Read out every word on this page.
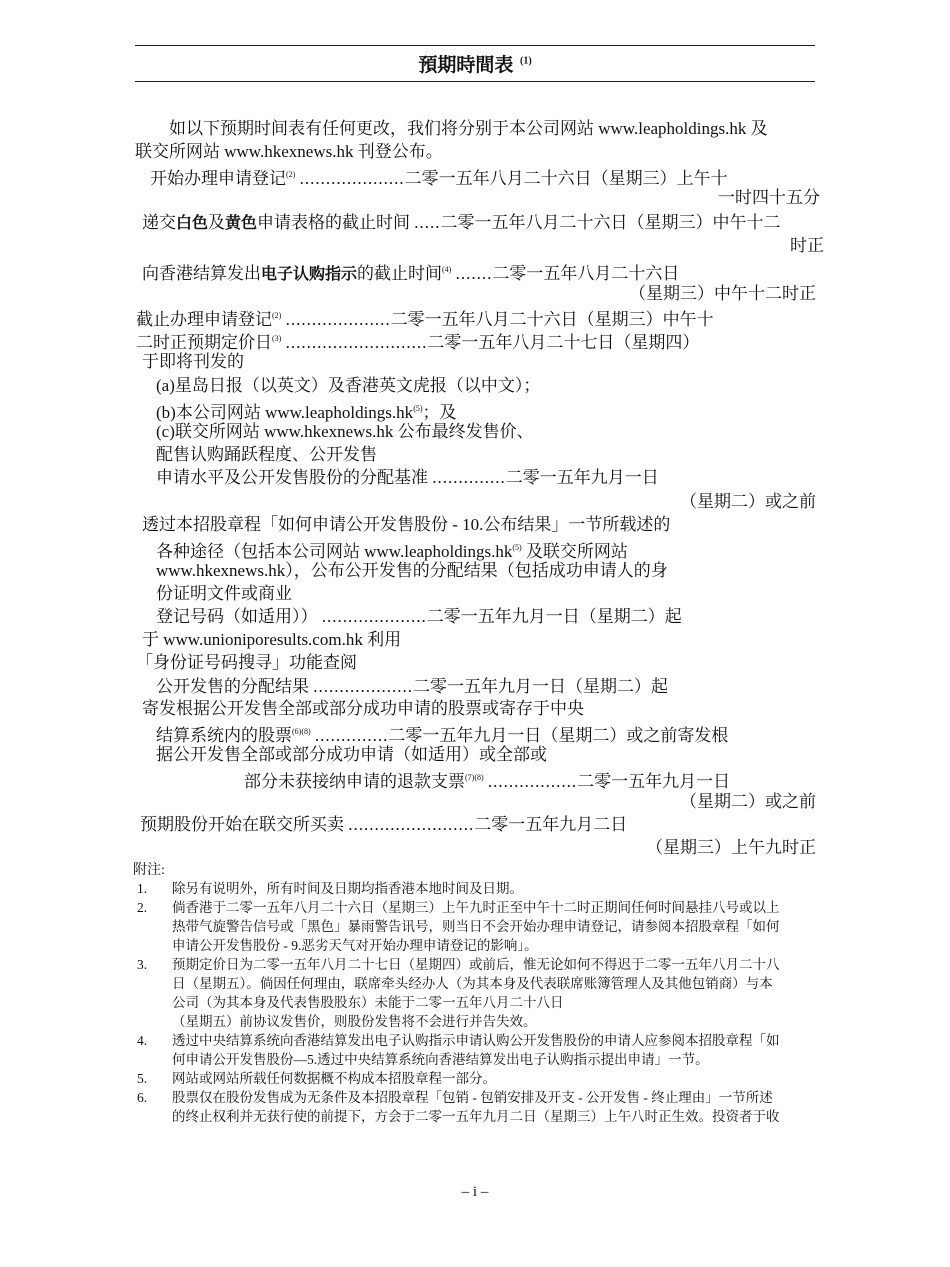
預期時間表 $^{(1)}$
如以下预期时间表有任何更改，我们将分别于本公司网站 www.leapholdings.hk 及
联交所网站 www.hkexnews.hk 刊登公布。
开始办理申请登记$^{(2)}$ ....................二零一五年八月二十六日（星期三）上午十
一时四十五分
递交白色及黄色申请表格的截止时间 .....二零一五年八月二十六日（星期三）中午十二
时正
向香港结算发出电子认购指示的截止时间$^{(4)}$ .......二零一五年八月二十六日
（星期三）中午十二时正
截止办理申请登记$^{(2)}$ ....................二零一五年八月二十六日（星期三）中午十
二时正预期定价日$^{(3)}$ ...........................二零一五年八月二十七日（星期四）
于即将刊发的
(a)星岛日报（以英文）及香港英文虎报（以中文）；
(b)本公司网站 $www.leapholdings.hk^{(5)}$；及
(c)联交所网站 www.hkexnews.hk 公布最终发售价、
配售认购踊跃程度、公开发售
申请水平及公开发售股份的分配基准 ..............二零一五年九月一日
（星期二）或之前
透过本招股章程「如何申请公开发售股份 - 10.公布结果」一节所载述的
各种途径（包括本公司网站 $www.leapholdings.hk^{(5)}$ 及联交所网站
www.hkexnews.hk），公布公开发售的分配结果（包括成功申请人的身
份证明文件或商业
登记号码（如适用）） ....................二零一五年九月一日（星期二）起
于 www.unioniporesults.com.hk 利用
「身份证号码搜寻」功能查阅
公开发售的分配结果 ...................二零一五年九月一日（星期二）起
寄发根据公开发售全部或部分成功申请的股票或寄存于中央
结算系统内的股票$^{(6)(8)}$ ..............二零一五年九月一日（星期二）或之前寄发根
据公开发售全部或部分成功申请（如适用）或全部或
部分未获接纳申请的退款支票$^{(7)(8)}$ .................二零一五年九月一日
（星期二）或之前
预期股份开始在联交所买卖 ........................二零一五年九月二日
（星期三）上午九时正
附注:
1. 除另有说明外，所有时间及日期均指香港本地时间及日期。
2. 倘香港于二零一五年八月二十六日（星期三）上午九时正至中午十二时正期间任何时间悬挂八号或以上
热带气旋警告信号或「黑色」暴雨警告讯号，则当日不会开始办理申请登记，请参阅本招股章程「如何
申请公开发售股份 - 9.恶劣天气对开始办理申请登记的影响」。
3. 预期定价日为二零一五年八月二十七日（星期四）或前后，惟无论如何不得迟于二零一五年八月二十八
日（星期五）。倘因任何理由，联席牵头经办人（为其本身及代表联席账簿管理人及其他包销商）与本
公司（为其本身及代表售股股东）未能于二零一五年八月二十八日
（星期五）前协议发售价，则股份发售将不会进行并告失效。
4. 透过中央结算系统向香港结算发出电子认购指示申请认购公开发售股份的申请人应参阅本招股章程「如
何申请公开发售股份—5.透过中央结算系统向香港结算发出电子认购指示提出申请」一节。
5. 网站或网站所载任何数据概不构成本招股章程一部分。
6. 股票仅在股份发售成为无条件及本招股章程「包销 - 包销安排及开支 - 公开发售 - 终止理由」一节所述
的终止权利并无获行使的前提下，方会于二零一五年九月二日（星期三）上午八时正生效。投资者于收
– i –
